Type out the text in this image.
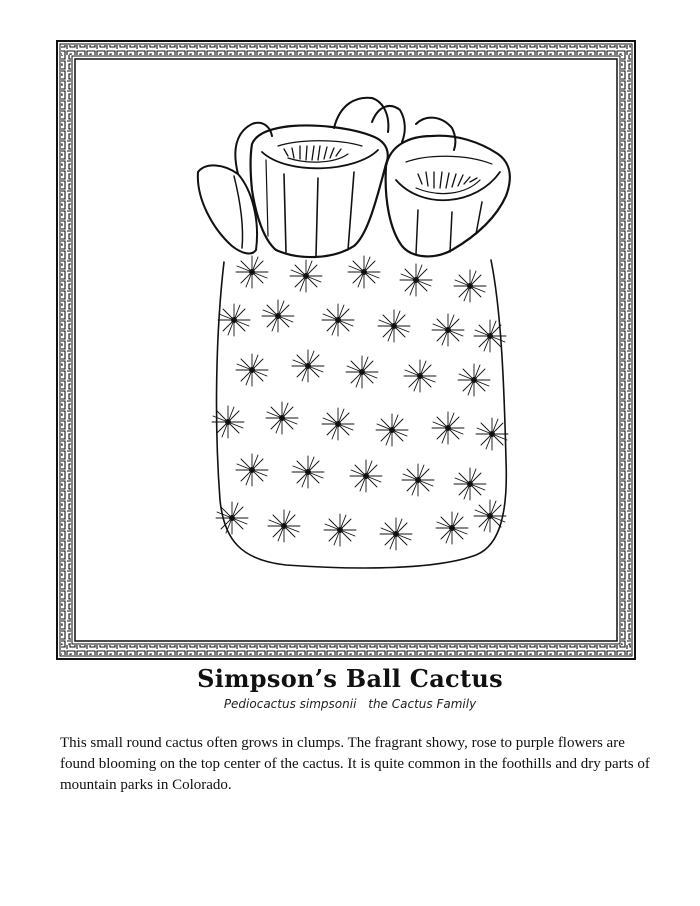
Simpson’s Ball Cactus
Pediocactus simpsonii the Cactus Family
This small round cactus often grows in clumps. The fragrant showy, rose to purple flowers are found blooming on the top center of the cactus. It is quite common in the foothills and dry parts of mountain parks in Colorado.
